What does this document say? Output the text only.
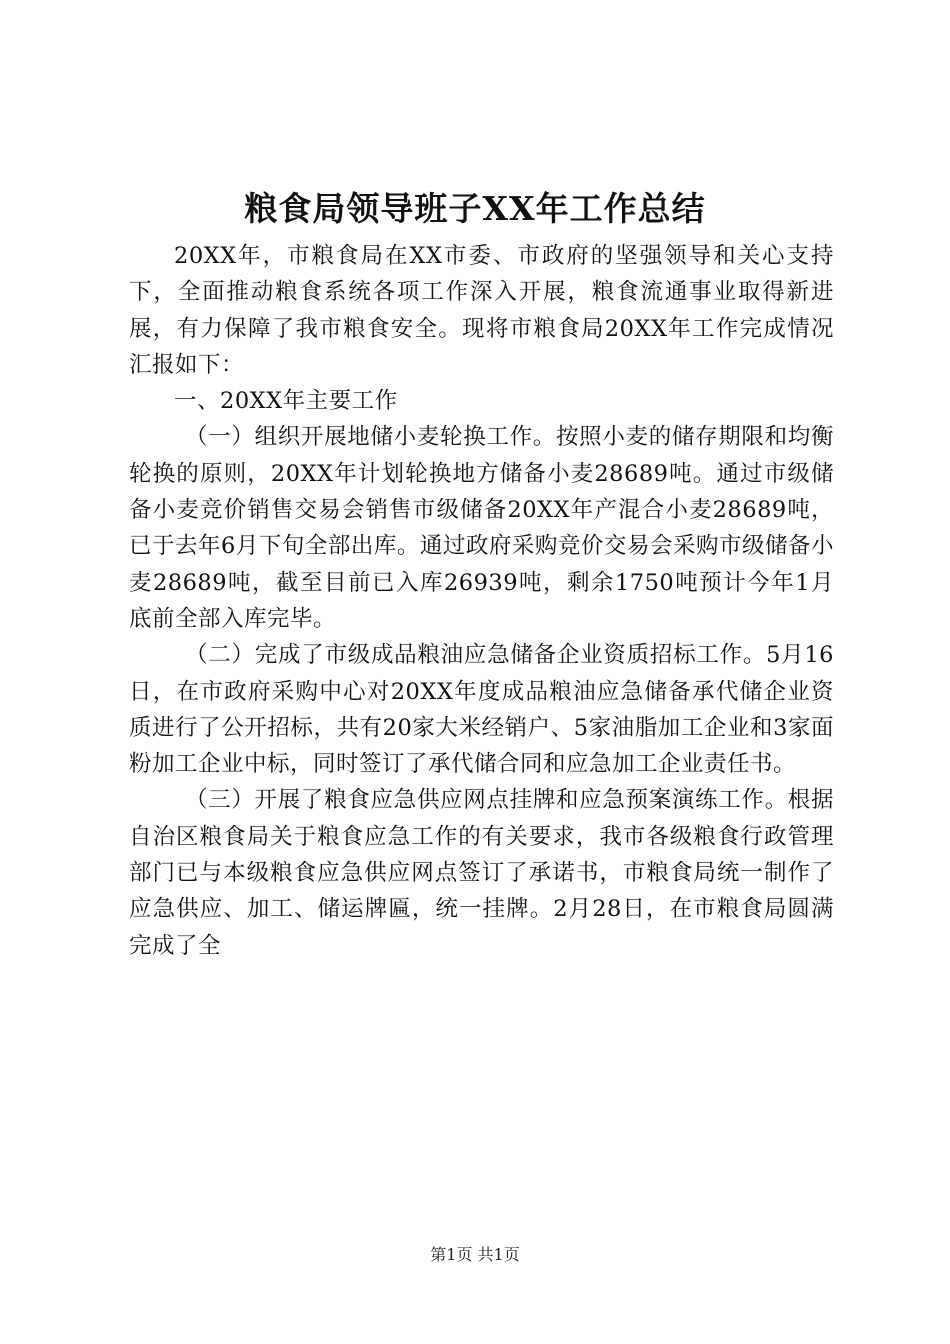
粮食局领导班子XX年工作总结

20XX年，市粮食局在XX市委、市政府的坚强领导和关心支持下，全面推动粮食系统各项工作深入开展，粮食流通事业取得新进展，有力保障了我市粮食安全。现将市粮食局20XX年工作完成情况汇报如下：

一、20XX年主要工作

（一）组织开展地储小麦轮换工作。按照小麦的储存期限和均衡轮换的原则，20XX年计划轮换地方储备小麦28689吨。通过市级储备小麦竞价销售交易会销售市级储备20XX年产混合小麦28689吨，已于去年6月下旬全部出库。通过政府采购竞价交易会采购市级储备小麦28689吨，截至目前已入库26939吨，剩余1750吨预计今年1月底前全部入库完毕。

（二）完成了市级成品粮油应急储备企业资质招标工作。5月16日，在市政府采购中心对20XX年度成品粮油应急储备承代储企业资质进行了公开招标，共有20家大米经销户、5家油脂加工企业和3家面粉加工企业中标，同时签订了承代储合同和应急加工企业责任书。

（三）开展了粮食应急供应网点挂牌和应急预案演练工作。根据自治区粮食局关于粮食应急工作的有关要求，我市各级粮食行政管理部门已与本级粮食应急供应网点签订了承诺书，市粮食局统一制作了应急供应、加工、储运牌匾，统一挂牌。2月28日，在市粮食局圆满完成了全

第1页 共1页
